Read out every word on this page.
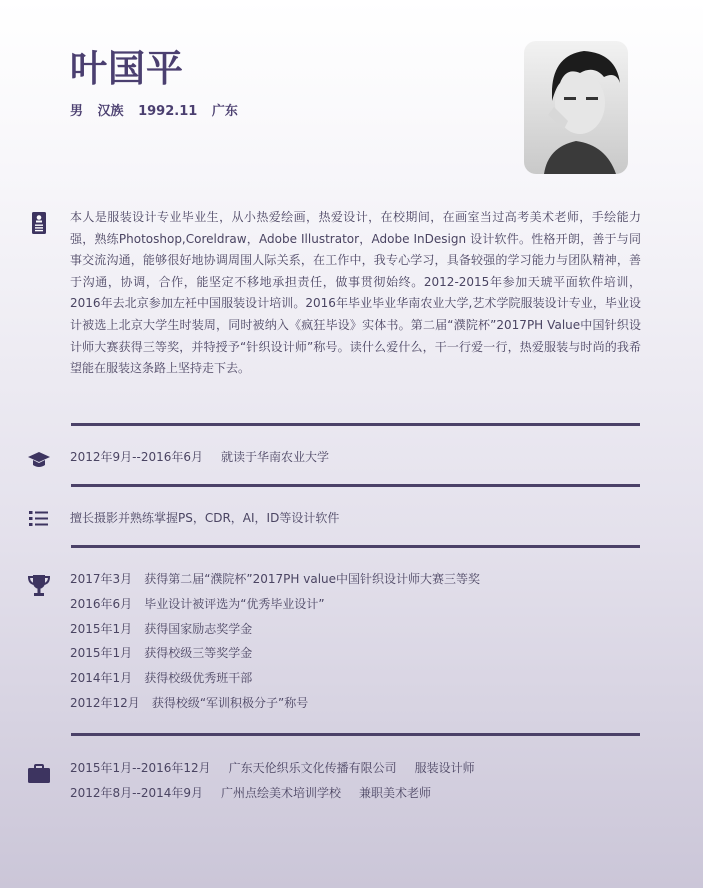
叶国平
男 汉族 1992.11 广东

本人是服装设计专业毕业生，从小热爱绘画，热爱设计，在校期间，在画室当过高考美术老师，手绘能力强，熟练Photoshop,Coreldraw，Adobe Illustrator，Adobe InDesign 设计软件。性格开朗，善于与同事交流沟通，能够很好地协调周围人际关系，在工作中，我专心学习，具备较强的学习能力与团队精神，善于沟通，协调，合作，能坚定不移地承担责任，做事贯彻始终。2012-2015年参加天琥平面软件培训，2016年去北京参加左衽中国服装设计培训。2016年毕业毕业华南农业大学,艺术学院服装设计专业，毕业设计被选上北京大学生时装周，同时被纳入《疯狂毕设》实体书。第二届“濮院杯”2017PH Value中国针织设计师大赛获得三等奖，并特授予“针织设计师”称号。读什么爱什么，干一行爱一行，热爱服装与时尚的我希望能在服装这条路上坚持走下去。

2012年9月--2016年6月 就读于华南农业大学
擅长摄影并熟练掌握PS，CDR，AI，ID等设计软件
2017年3月 获得第二届“濮院杯”2017PH value中国针织设计师大赛三等奖
2016年6月 毕业设计被评选为“优秀毕业设计”
2015年1月 获得国家励志奖学金
2015年1月 获得校级三等奖学金
2014年1月 获得校级优秀班干部
2012年12月 获得校级“军训积极分子”称号
2015年1月--2016年12月 广东天伦织乐文化传播有限公司 服装设计师
2012年8月--2014年9月 广州点绘美术培训学校 兼职美术老师
